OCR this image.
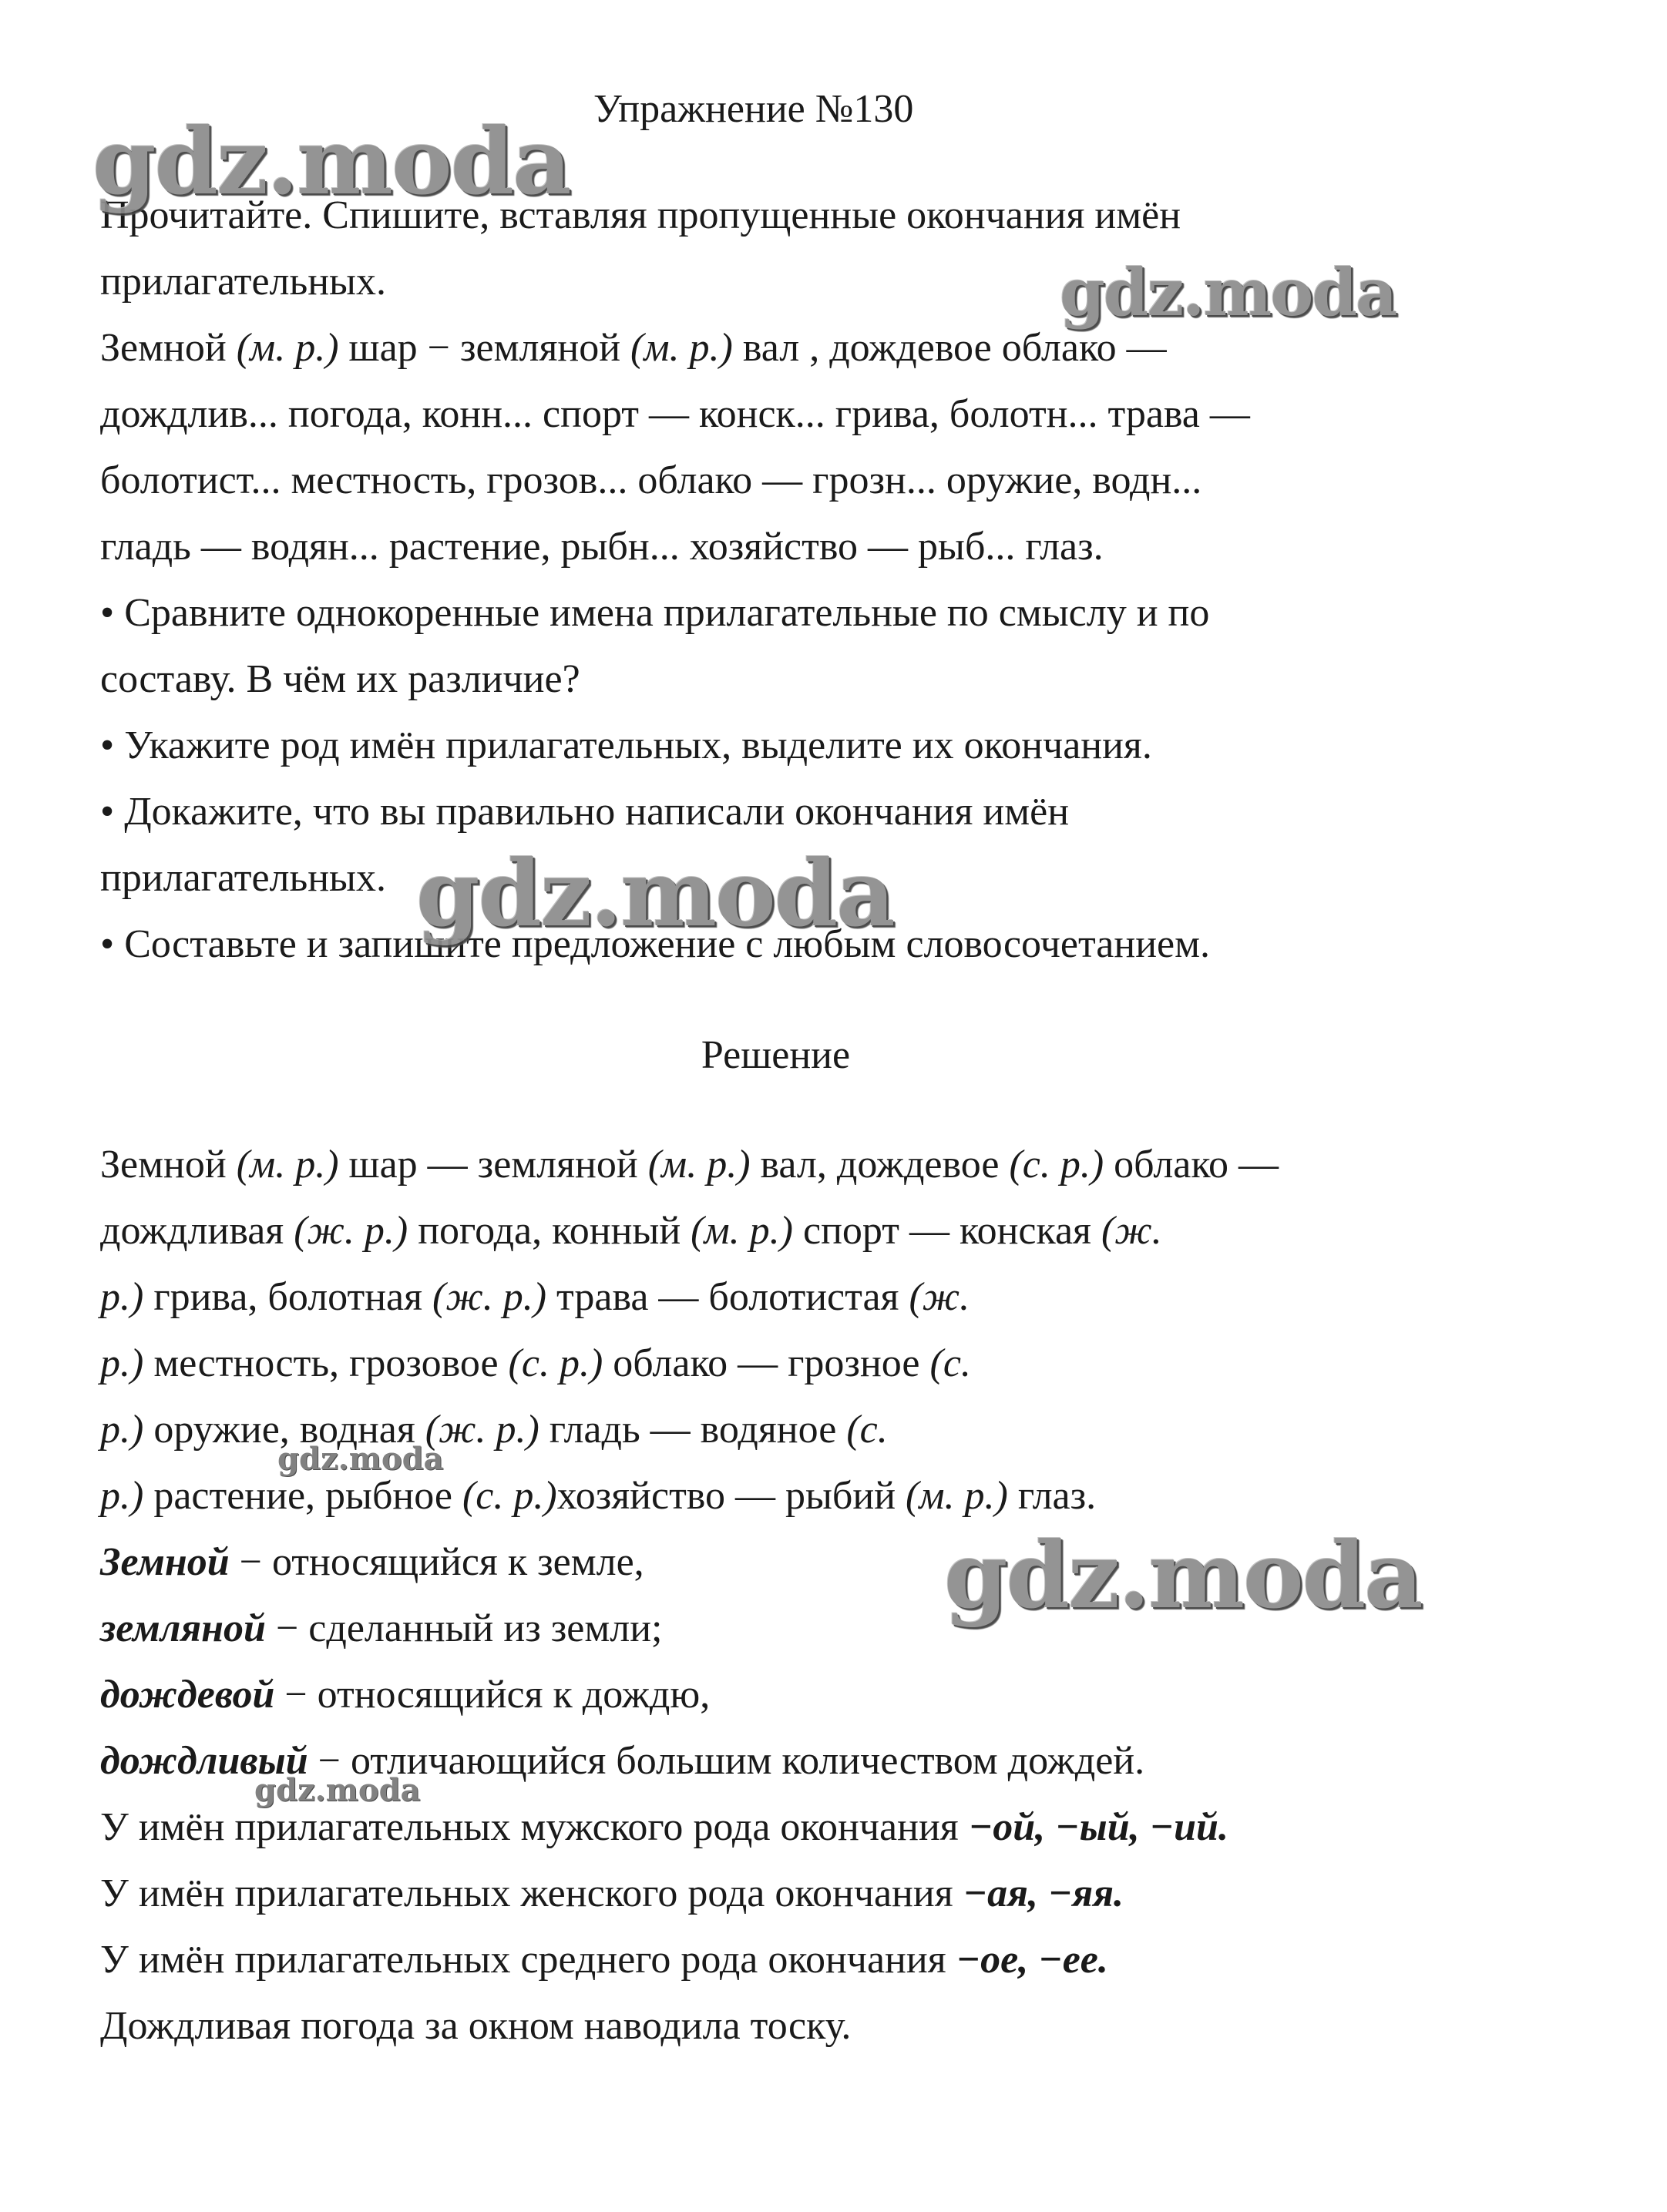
Упражнение №130
Прочитайте. Спишите, вставляя пропущенные окончания имён
прилагательных.
Земной (м. р.) шар − земляной (м. р.) вал , дождевое облако —
дождлив... погода, конн... спорт — конск... грива, болотн... трава —
болотист... местность, грозов... облако — грозн... оружие, водн...
гладь — водян... растение, рыбн... хозяйство — рыб... глаз.
• Сравните однокоренные имена прилагательные по смыслу и по
составу. В чём их различие?
• Укажите род имён прилагательных, выделите их окончания.
• Докажите, что вы правильно написали окончания имён
прилагательных.
• Составьте и запишите предложение с любым словосочетанием.
Решение
Земной (м. р.) шар — земляной (м. р.) вал, дождевое (с. р.) облако —
дождливая (ж. р.) погода, конный (м. р.) спорт — конская (ж.
р.) грива, болотная (ж. р.) трава — болотистая (ж.
р.) местность, грозовое (с. р.) облако — грозное (с.
р.) оружие, водная (ж. р.) гладь — водяное (с.
р.) растение, рыбное (с. р.)хозяйство — рыбий (м. р.) глаз.
Земной − относящийся к земле,
земляной − сделанный из земли;
дождевой − относящийся к дождю,
дождливый − отличающийся большим количеством дождей.
У имён прилагательных мужского рода окончания −ой, −ый, −ий.
У имён прилагательных женского рода окончания −ая, −яя.
У имён прилагательных среднего рода окончания −ое, −ее.
Дождливая погода за окном наводила тоску.
gdz.moda
gdz.moda
gdz.moda
gdz.moda
gdz.moda
gdz.moda
